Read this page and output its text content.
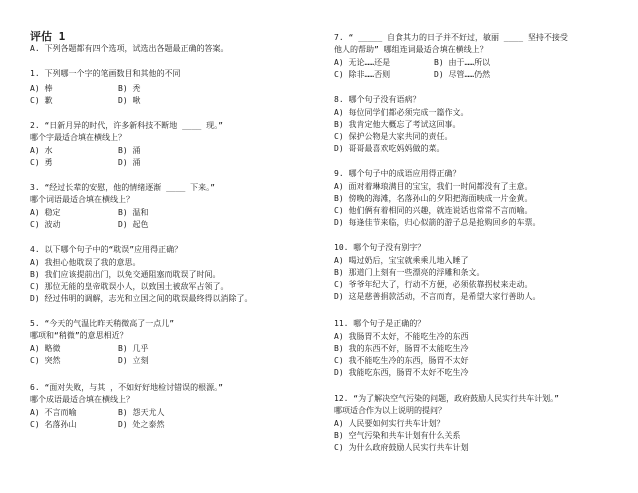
评估 1
A. 下列各题都有四个选项，试选出各题最正确的答案。
1. 下列哪一个字的笔画数目和其他的不同
A) 棒	B) 秃
C) 歉	D) 啾
2. “日新月异的时代，许多新科技不断地 ____ 现。”
哪个字最适合填在横线上？
A) 水	B) 涌
C) 勇	D) 涌
3. “经过长辈的安慰，他的情绪逐渐 ____ 下来。”
哪个词语最适合填在横线上？
A) 稳定	B) 温和
C) 波动	D) 起色
4. 以下哪个句子中的“耽误”应用得正确？
A) 我担心他耽误了我的意思。
B) 我们应该提前出门，以免交通阻塞而耽误了时间。
C) 那位无能的皇帝耽误小人，以致国土被敌军占领了。
D) 经过伟明的调解，志光和立国之间的耽误最终得以消除了。
5. “今天的气温比昨天稍微高了一点儿”
哪项和“稍微”的意思相近？
A) 略微	B) 几乎
C) 突然	D) 立刻
6. “面对失败，与其 ，不如好好地检讨错误的根源。”
哪个成语最适合填在横线上？
A) 不言而喻	B) 怨天尤人
C) 名落孙山	D) 处之泰然
7. “ _____ 自食其力的日子并不好过，敏丽 ____ 坚持不接受
他人的帮助” 哪组连词最适合填在横线上？
A) 无论……还是	B) 由于……所以
C) 除非……否则	D) 尽管……仍然
8. 哪个句子没有语病？
A) 每位同学们都必须完成一篇作文。
B) 我肯定他大概忘了考试这回事。
C) 保护公物是大家共同的责任。
D) 哥哥最喜欢吃妈妈做的菜。
9. 哪个句子中的成语应用得正确？
A) 面对着琳琅满目的宝宝，我们一时间都没有了主意。
B) 傍晚的海滩，名落孙山的夕阳把海面映成一片金黄。
C) 他们俩有着相同的兴趣，就连说话也常常不言而喻。
D) 每逢佳节来临，归心似箭的游子总是抢购回乡的车票。
10. 哪个句子没有别字？
A) 喝过奶后，宝宝就乘乘儿地入睡了
B) 那道门上刻有一些漂亮的浮雕和条文。
C) 爷爷年纪大了，行动不方便，必须依靠拐杖来走动。
D) 这是慈善捐款活动，不言而育，是希望大家行善助人。
11. 哪个句子是正确的？
A) 我肠胃不太好，不能吃生冷的东西
B) 我的东西不好，肠胃不太能吃生冷
C) 我不能吃生冷的东西，肠胃不太好
D) 我能吃东西，肠胃不太好不吃生冷
12. “为了解决空气污染的问题，政府鼓励人民实行共车计划。”
哪项适合作为以上说明的提问？
A) 人民要如何实行共车计划？
B) 空气污染和共车计划有什么关系
C) 为什么政府鼓励人民实行共车计划
